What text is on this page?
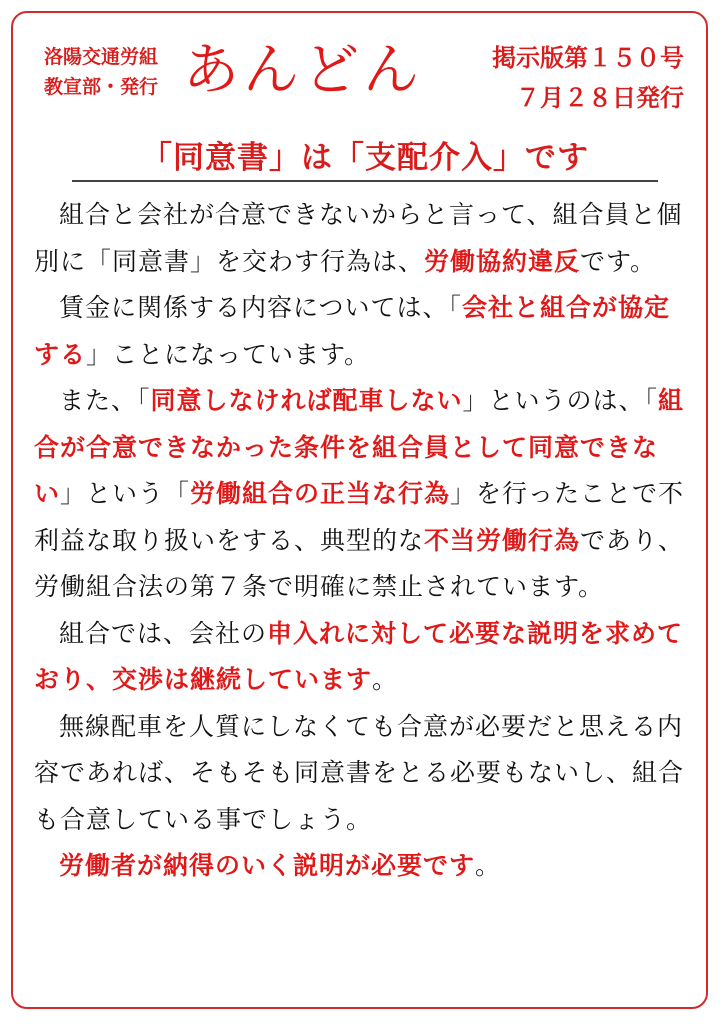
洛陽交通労組
教宣部・発行 あんどん	掲示版第１５０号
７月２８日発行
「同意書」は「支配介入」です

組合と会社が合意できないからと言って、組合員と個別に「同意書」を交わす行為は、労働協約違反です。

賃金に関係する内容については、「会社と組合が協定する」ことになっています。

また、「同意しなければ配車しない」というのは、「組合が合意できなかった条件を組合員として同意できない」という「労働組合の正当な行為」を行ったことで不利益な取り扱いをする、典型的な不当労働行為であり、労働組合法の第７条で明確に禁止されています。

組合では、会社の申入れに対して必要な説明を求めており、交渉は継続しています。

無線配車を人質にしなくても合意が必要だと思える内容であれば、そもそも同意書をとる必要もないし、組合も合意している事でしょう。

労働者が納得のいく説明が必要です。
